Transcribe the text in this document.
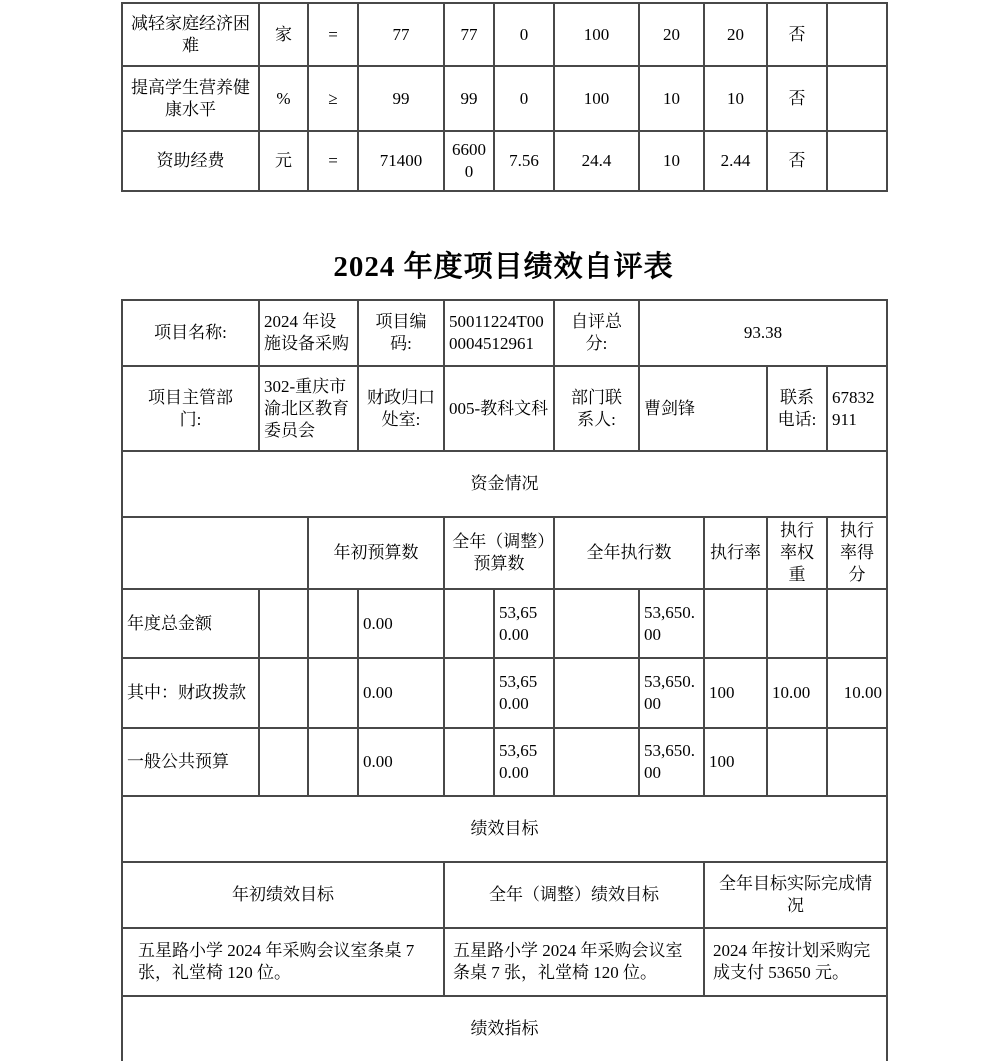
减轻家庭经济困难	家	=	77	77	0	100	20	20	否	
提高学生营养健康水平	%	≥	99	99	0	100	10	10	否	
资助经费	元	=	71400	66000	7.56	24.4	10	2.44	否	
2024 年度项目绩效自评表
项目名称:	2024 年设施设备采购		项目编码:	50011224T000004512961		自评总分:	93.38			
项目主管部门:	302-重庆市渝北区教育委员会		财政归口处室:	005-教科文科		部门联系人:	曹剑锋		联系电话:	67832911
资金情况										
		年初预算数		全年（调整）预算数		全年执行数		执行率	执行率权重	执行率得分
年度总金额			0.00		53,650.00		53,650.00			
其中：财政拨款			0.00		53,650.00		53,650.00	100	10.00	10.00
一般公共预算			0.00		53,650.00		53,650.00	100		
绩效目标										
年初绩效目标				全年（调整）绩效目标				全年目标实际完成情况		
五星路小学 2024 年采购会议室条桌 7 张，礼堂椅 120 位。				五星路小学 2024 年采购会议室条桌 7 张，礼堂椅 120 位。				2024 年按计划采购完成支付 53650 元。		
绩效指标										
